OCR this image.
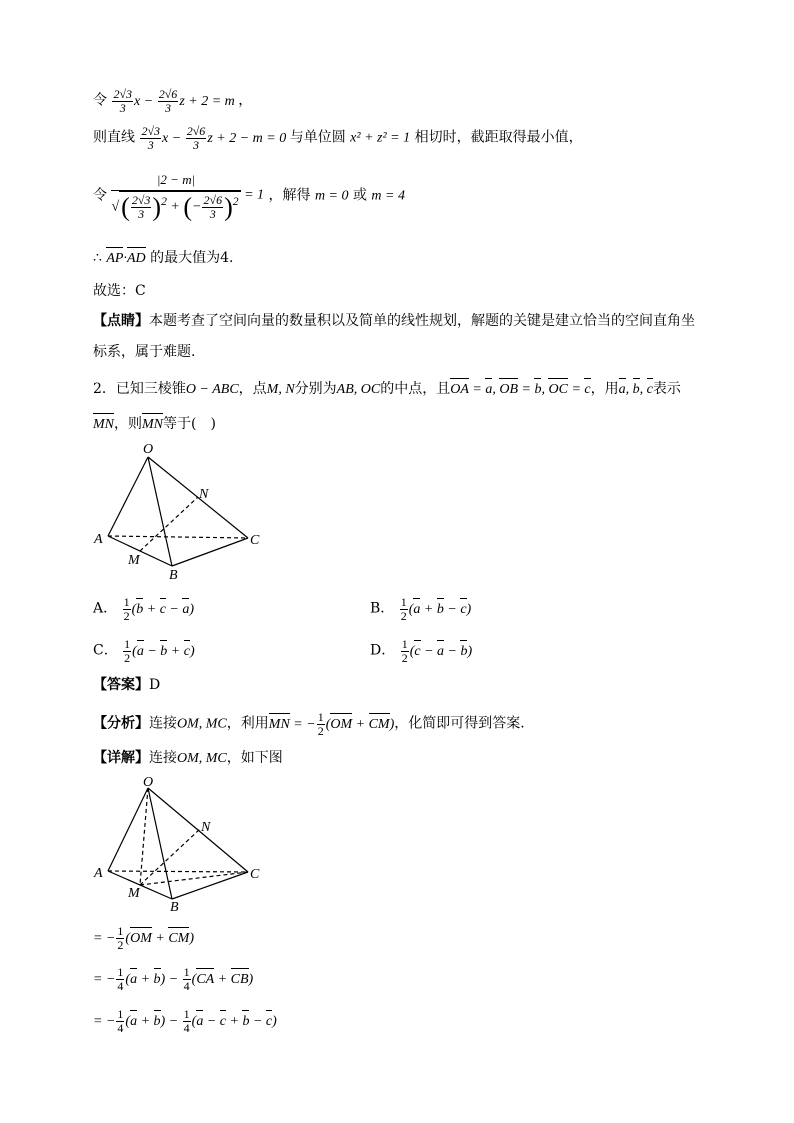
令 $\frac{2√3}{3}$ $x - \frac{2√6}{3}$ z + 2 = m ，
则直线 $\frac{2√3}{3}$ $x - \frac{2√6}{3}$ z + 2 − m = 0 与单位圆 x² + z² = 1 相切时，截距取得最小值，
令 $\frac{|2 - m|}{√( \frac{2√3}{3} )^2 + (- \frac{2√6}{3} )^2} = 1$ ，解得 m = 0 或 m = 4
∴ AP·AD 的最大值为4.
故选：C
【点睛】本题考查了空间向量的数量积以及简单的线性规划，解题的关键是建立恰当的空间直角坐
标系，属于难题.
2．已知三棱锥O − ABC，点M, N分别为AB, OC的中点，且OA = a, OB = b, OC = c，用a, b, c表示
MN，则MN等于(　)
O
N
A	C
M
B
A． $\frac{1}{2} (b + c - a)$	B． $\frac{1}{2} (a + b - c)$
C． $\frac{1}{2} (a - b + c)$	D． $\frac{1}{2} (c - a - b)$
【答案】D
【分析】连接OM, MC，利用MN = − $\frac{1}{2} (OM + CM)$，化简即可得到答案.
【详解】连接OM, MC，如下图
O
N
A	C
M
B
= − $\frac{1}{2} (OM + CM)$
= − $\frac{1}{4} (a + b) - \frac{1}{4} (CA + CB)$
= − $\frac{1}{4} (a + b) - \frac{1}{4} (a - c + b - c)$
